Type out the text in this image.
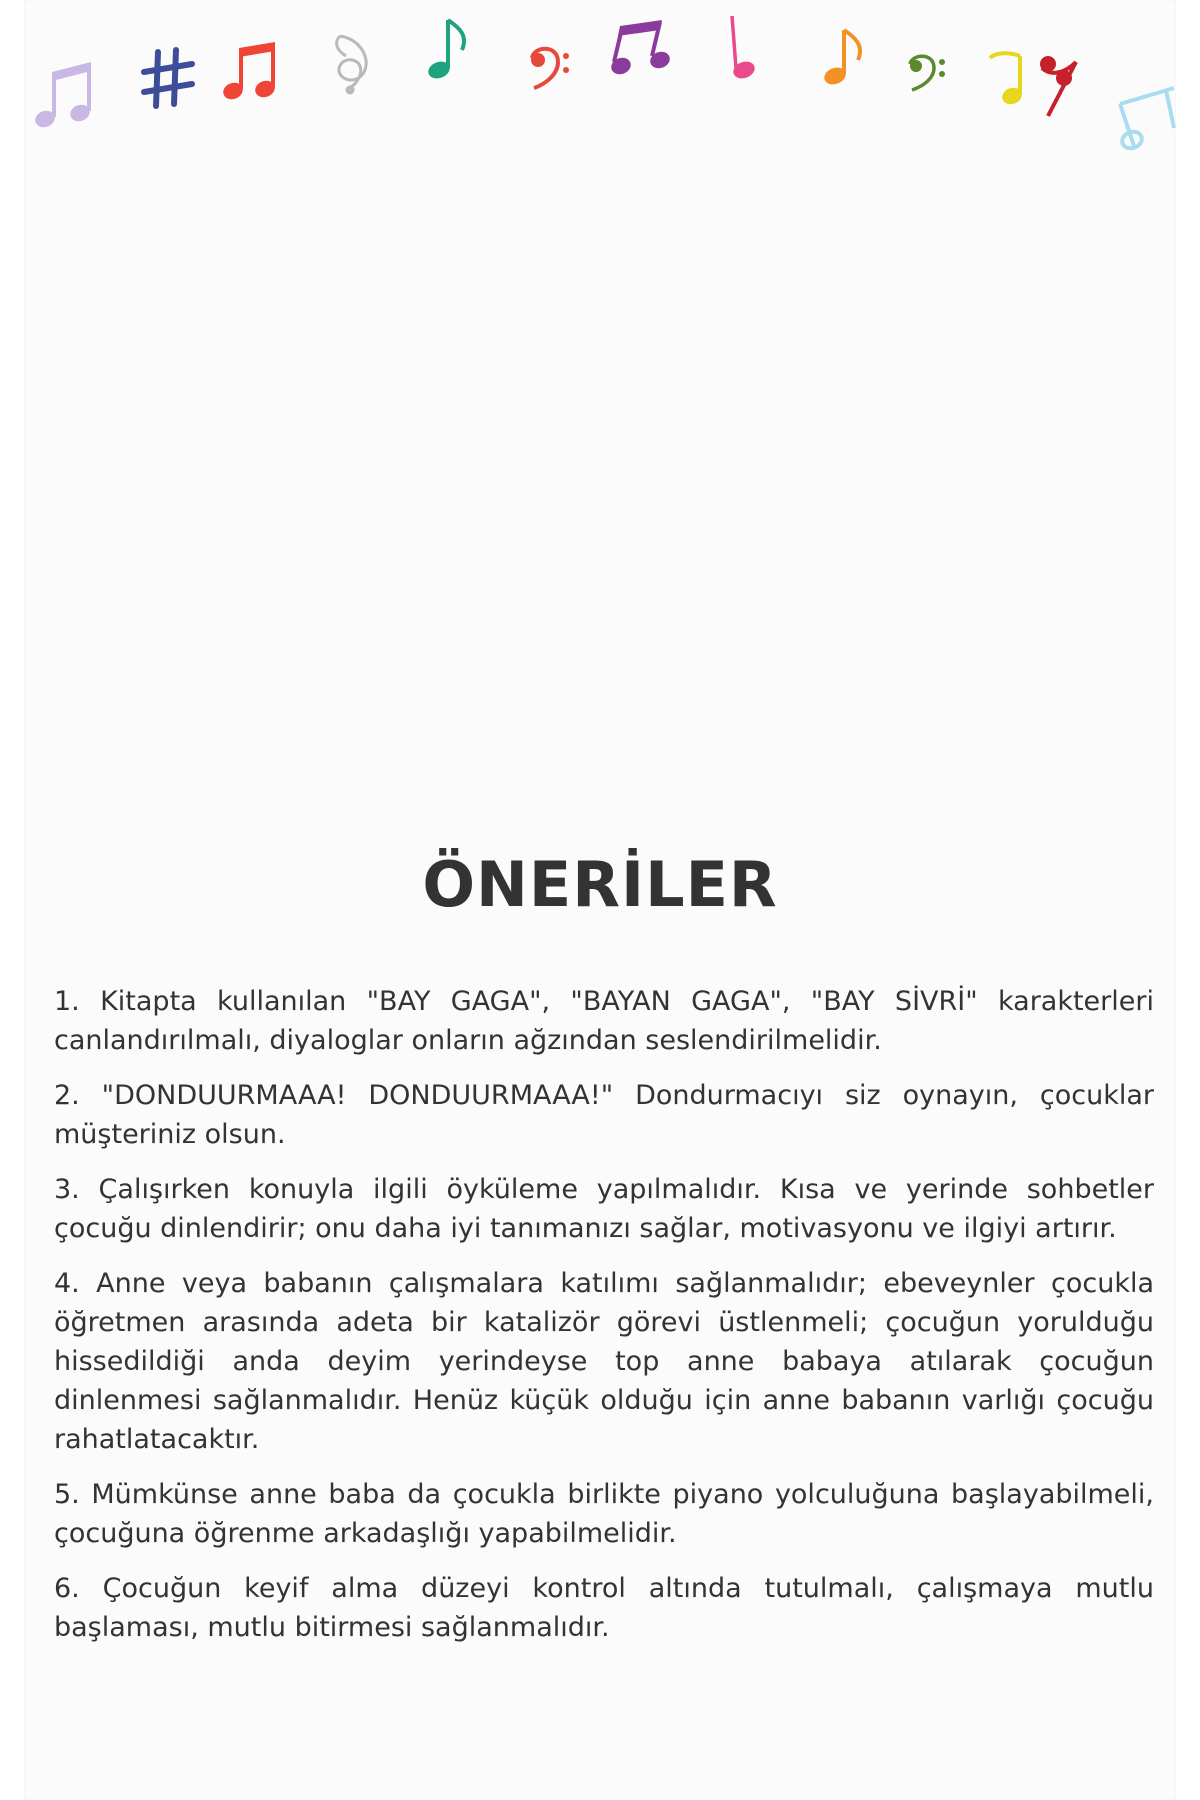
ÖNERİLER
1. Kitapta kullanılan "BAY GAGA", "BAYAN GAGA", "BAY SİVRİ" karakterleri canlandırılmalı, diyaloglar onların ağzından seslendirilmelidir.
2. "DONDUURMAAA! DONDUURMAAA!" Dondurmacıyı siz oynayın, çocuklar müşteriniz olsun.
3. Çalışırken konuyla ilgili öyküleme yapılmalıdır. Kısa ve yerinde sohbetler çocuğu dinlendirir; onu daha iyi tanımanızı sağlar, motivasyonu ve ilgiyi artırır.
4. Anne veya babanın çalışmalara katılımı sağlanmalıdır; ebeveynler çocukla öğretmen arasında adeta bir katalizör görevi üstlenmeli; çocuğun yorulduğu hissedildiği anda deyim yerindeyse top anne babaya atılarak çocuğun dinlenmesi sağlanmalıdır. Henüz küçük olduğu için anne babanın varlığı çocuğu rahatlatacaktır.
5. Mümkünse anne baba da çocukla birlikte piyano yolculuğuna başlayabilmeli, çocuğuna öğrenme arkadaşlığı yapabilmelidir.
6. Çocuğun keyif alma düzeyi kontrol altında tutulmalı, çalışmaya mutlu başlaması, mutlu bitirmesi sağlanmalıdır.
